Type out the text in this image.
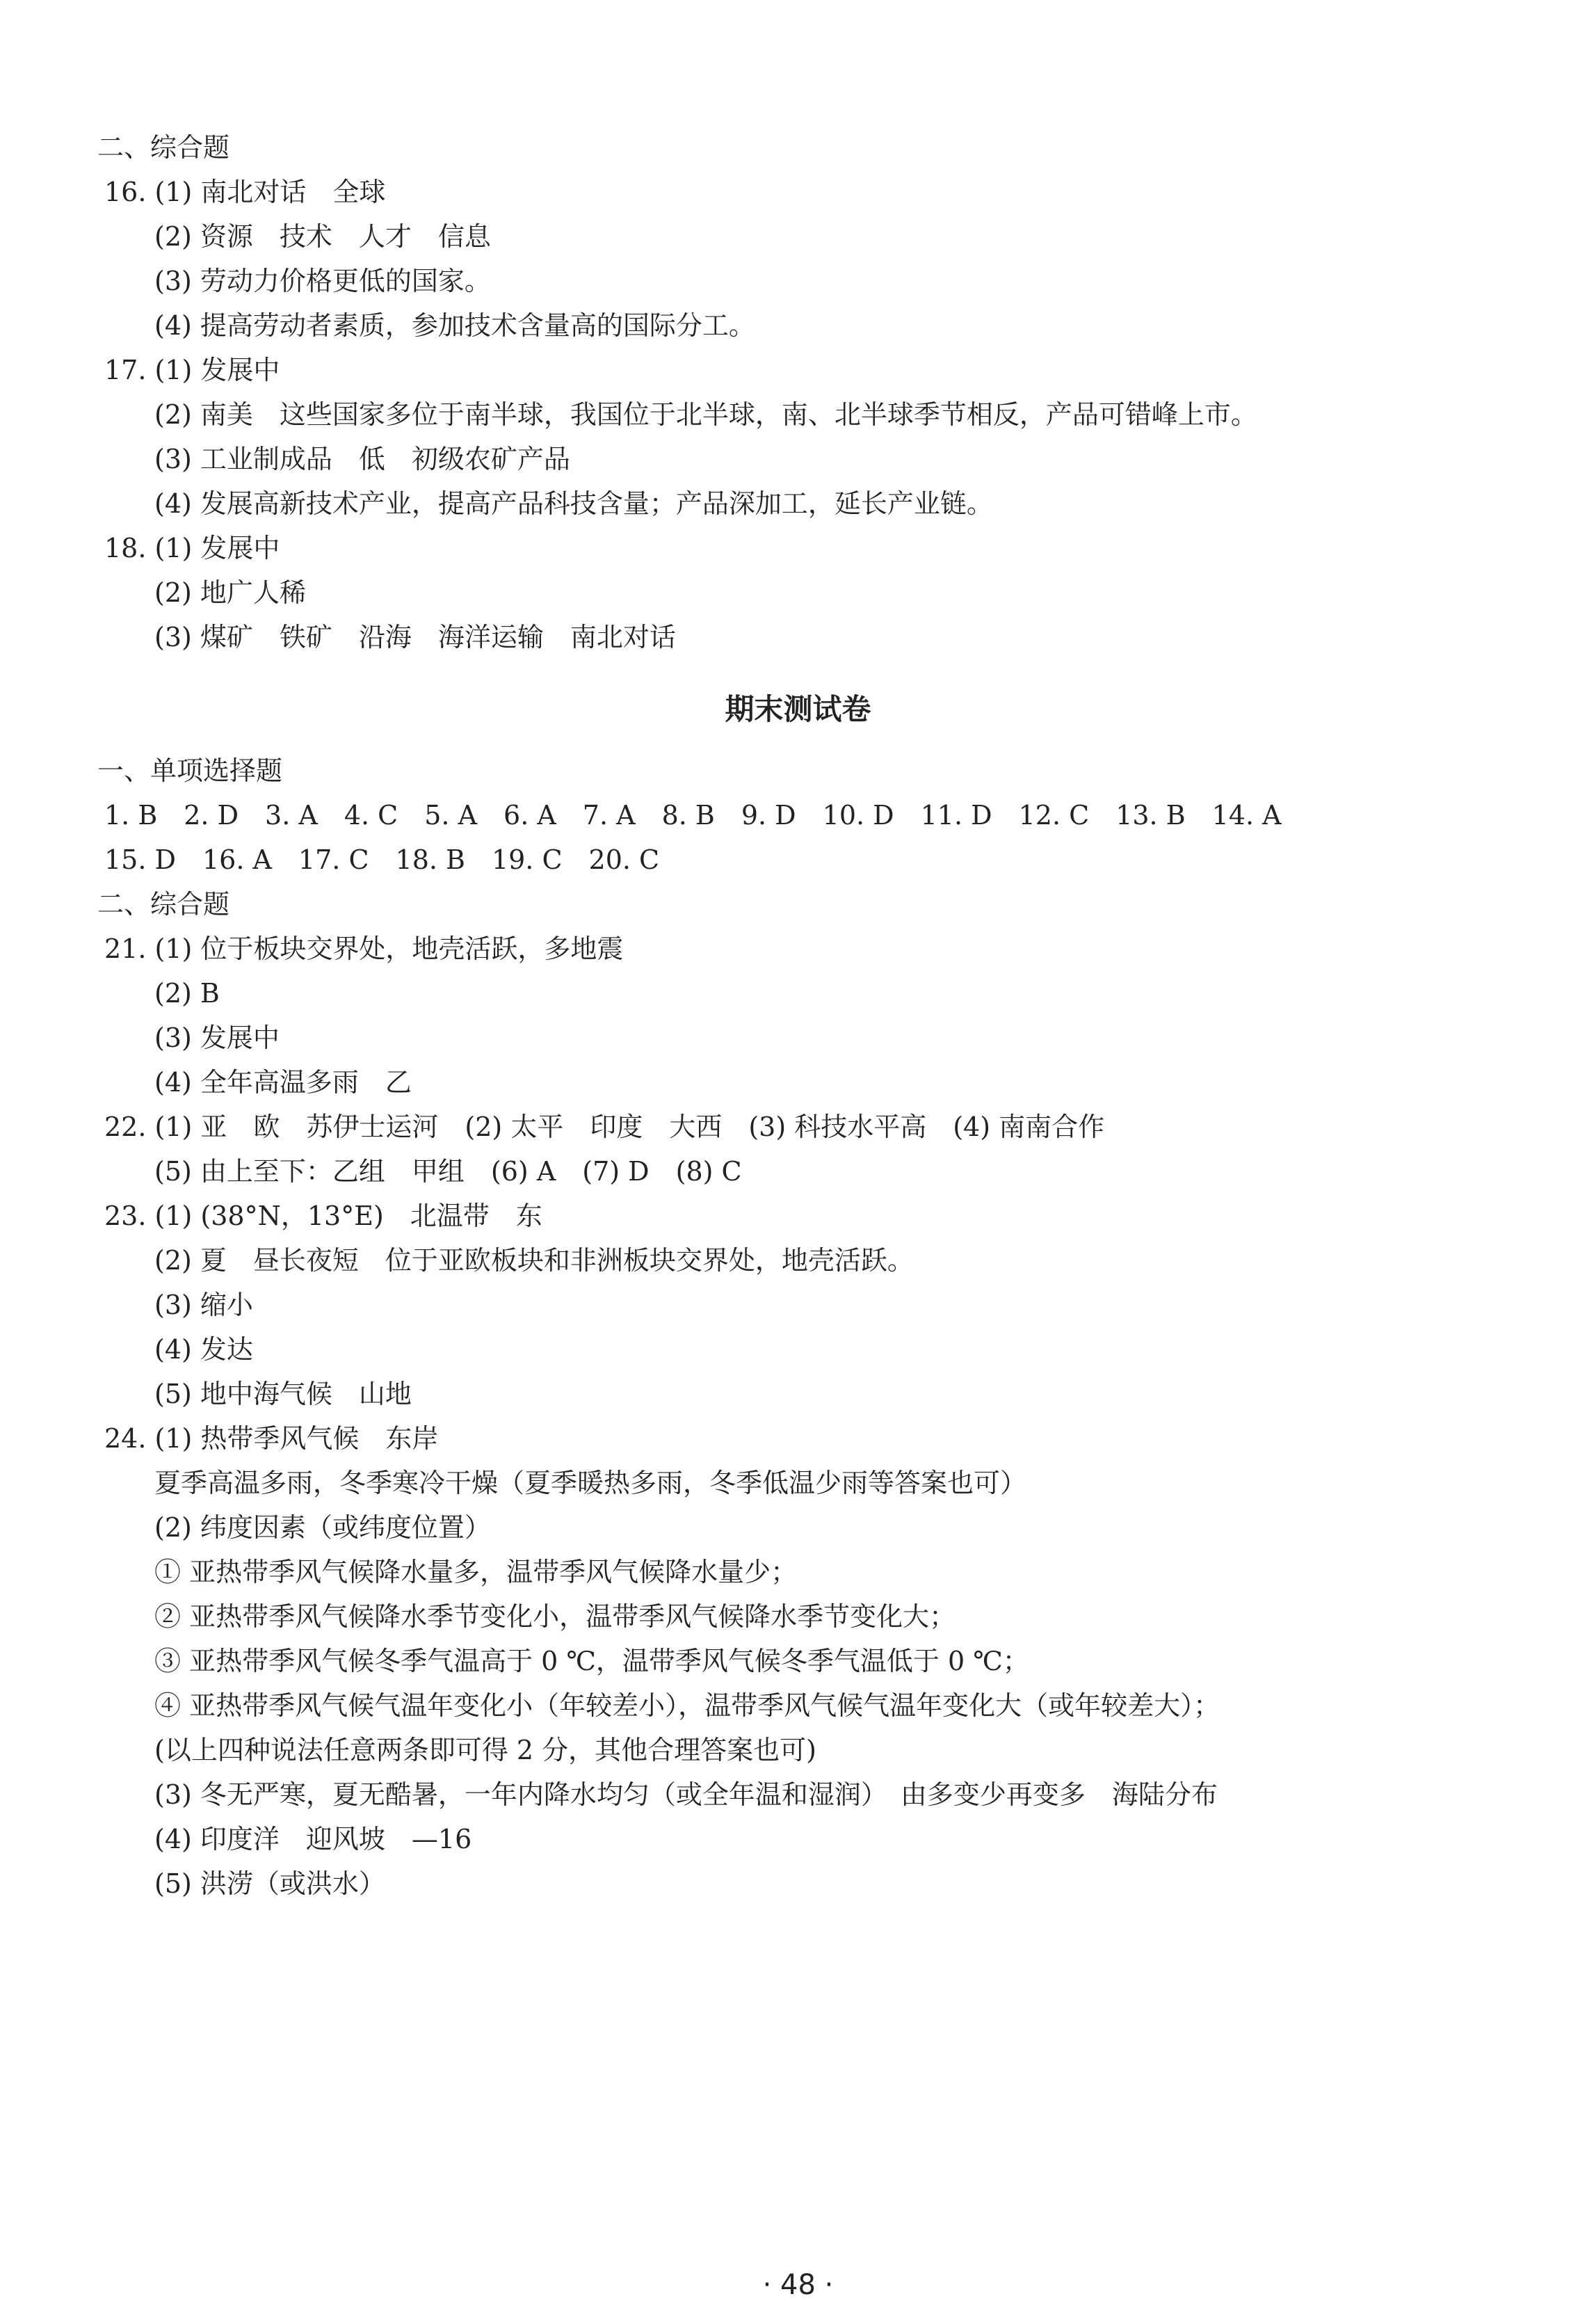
二、综合题
16. (1) 南北对话　全球
(2) 资源　技术　人才　信息
(3) 劳动力价格更低的国家。
(4) 提高劳动者素质，参加技术含量高的国际分工。
17. (1) 发展中
(2) 南美　这些国家多位于南半球，我国位于北半球，南、北半球季节相反，产品可错峰上市。
(3) 工业制成品　低　初级农矿产品
(4) 发展高新技术产业，提高产品科技含量；产品深加工，延长产业链。
18. (1) 发展中
(2) 地广人稀
(3) 煤矿　铁矿　沿海　海洋运输　南北对话
期末测试卷
一、单项选择题
1. B　2. D　3. A　4. C　5. A　6. A　7. A　8. B　9. D　10. D　11. D　12. C　13. B　14. A
15. D　16. A　17. C　18. B　19. C　20. C
二、综合题
21. (1) 位于板块交界处，地壳活跃，多地震
(2) B
(3) 发展中
(4) 全年高温多雨　乙
22. (1) 亚　欧　苏伊士运河　(2) 太平　印度　大西　(3) 科技水平高　(4) 南南合作
(5) 由上至下：乙组　甲组　(6) A　(7) D　(8) C
23. (1) (38°N，13°E)　北温带　东
(2) 夏　昼长夜短　位于亚欧板块和非洲板块交界处，地壳活跃。
(3) 缩小
(4) 发达
(5) 地中海气候　山地
24. (1) 热带季风气候　东岸
夏季高温多雨，冬季寒冷干燥（夏季暖热多雨，冬季低温少雨等答案也可）
(2) 纬度因素（或纬度位置）
① 亚热带季风气候降水量多，温带季风气候降水量少；
② 亚热带季风气候降水季节变化小，温带季风气候降水季节变化大；
③ 亚热带季风气候冬季气温高于 0 ℃，温带季风气候冬季气温低于 0 ℃；
④ 亚热带季风气候气温年变化小（年较差小），温带季风气候气温年变化大（或年较差大）；
(以上四种说法任意两条即可得 2 分，其他合理答案也可)
(3) 冬无严寒，夏无酷暑，一年内降水均匀（或全年温和湿润）　由多变少再变多　海陆分布
(4) 印度洋　迎风坡　—16
(5) 洪涝（或洪水）
· 48 ·
